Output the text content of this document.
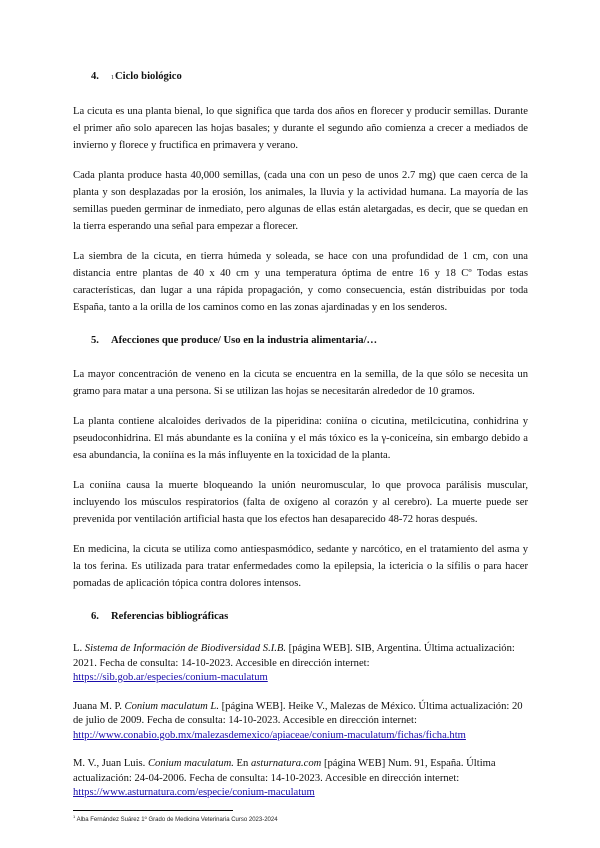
4.	1 Ciclo biológico

La cicuta es una planta bienal, lo que significa que tarda dos años en florecer y producir semillas. Durante el primer año solo aparecen las hojas basales; y durante el segundo año comienza a crecer a mediados de invierno y florece y fructifica en primavera y verano.

Cada planta produce hasta 40,000 semillas, (cada una con un peso de unos 2.7 mg) que caen cerca de la planta y son desplazadas por la erosión, los animales, la lluvia y la actividad humana. La mayoría de las semillas pueden germinar de inmediato, pero algunas de ellas están aletargadas, es decir, que se quedan en la tierra esperando una señal para empezar a florecer.

La siembra de la cicuta, en tierra húmeda y soleada, se hace con una profundidad de 1 cm, con una distancia entre plantas de 40 x 40 cm y una temperatura óptima de entre 16 y 18 Cº Todas estas características, dan lugar a una rápida propagación, y como consecuencia, están distribuidas por toda España, tanto a la orilla de los caminos como en las zonas ajardinadas y en los senderos.

5.	Afecciones que produce/ Uso en la industria alimentaria/…

La mayor concentración de veneno en la cicuta se encuentra en la semilla, de la que sólo se necesita un gramo para matar a una persona. Si se utilizan las hojas se necesitarán alrededor de 10 gramos.

La planta contiene alcaloides derivados de la piperidina: coniína o cicutina, metilcicutina, conhidrina y pseudoconhidrina. El más abundante es la coniína y el más tóxico es la γ-coniceína, sin embargo debido a esa abundancia, la coniína es la más influyente en la toxicidad de la planta.

La coniína causa la muerte bloqueando la unión neuromuscular, lo que provoca parálisis muscular, incluyendo los músculos respiratorios (falta de oxígeno al corazón y al cerebro). La muerte puede ser prevenida por ventilación artificial hasta que los efectos han desaparecido 48-72 horas después.

En medicina, la cicuta se utiliza como antiespasmódico, sedante y narcótico, en el tratamiento del asma y la tos ferina. Es utilizada para tratar enfermedades como la epilepsia, la ictericia o la sífilis o para hacer pomadas de aplicación tópica contra dolores intensos.

6.	Referencias bibliográficas

L. Sistema de Información de Biodiversidad S.I.B. [página WEB]. SIB, Argentina. Última actualización: 2021. Fecha de consulta: 14-10-2023. Accesible en dirección internet:
https://sib.gob.ar/especies/conium-maculatum

Juana M. P. Conium maculatum L. [página WEB]. Heike V., Malezas de México. Última actualización: 20 de julio de 2009. Fecha de consulta: 14-10-2023. Accesible en dirección internet:
http://www.conabio.gob.mx/malezasdemexico/apiaceae/conium-maculatum/fichas/ficha.htm

M. V., Juan Luis. Conium maculatum. En asturnatura.com [página WEB] Num. 91, España. Última actualización: 24-04-2006. Fecha de consulta: 14-10-2023. Accesible en dirección internet:
https://www.asturnatura.com/especie/conium-maculatum

$^1$ Alba Fernández Suárez 1º Grado de Medicina Veterinaria Curso 2023-2024
